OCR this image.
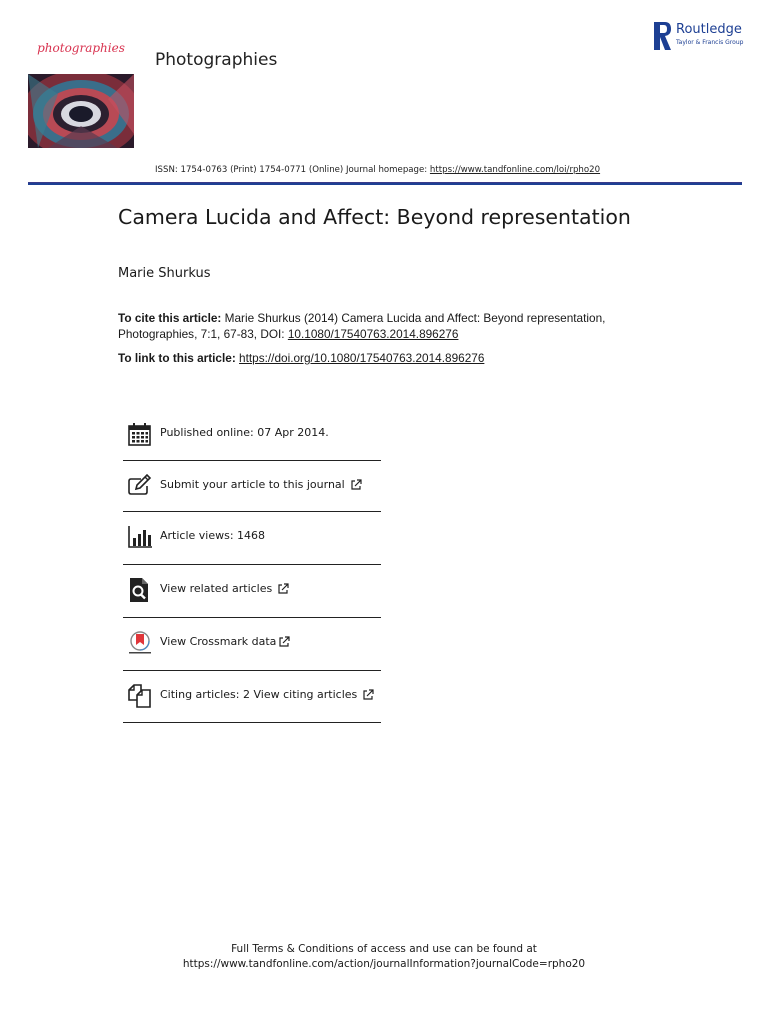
photographies
Photographies
Routledge
Taylor & Francis Group
ISSN: 1754-0763 (Print) 1754-0771 (Online) Journal homepage: https://www.tandfonline.com/loi/rpho20
Camera Lucida and Affect: Beyond representation
Marie Shurkus
To cite this article: Marie Shurkus (2014) Camera Lucida and Affect: Beyond representation, Photographies, 7:1, 67-83, DOI: 10.1080/17540763.2014.896276
To link to this article: https://doi.org/10.1080/17540763.2014.896276
Published online: 07 Apr 2014.
Submit your article to this journal
Article views: 1468
View related articles
View Crossmark data
Citing articles: 2 View citing articles
Full Terms & Conditions of access and use can be found at
https://www.tandfonline.com/action/journalInformation?journalCode=rpho20
